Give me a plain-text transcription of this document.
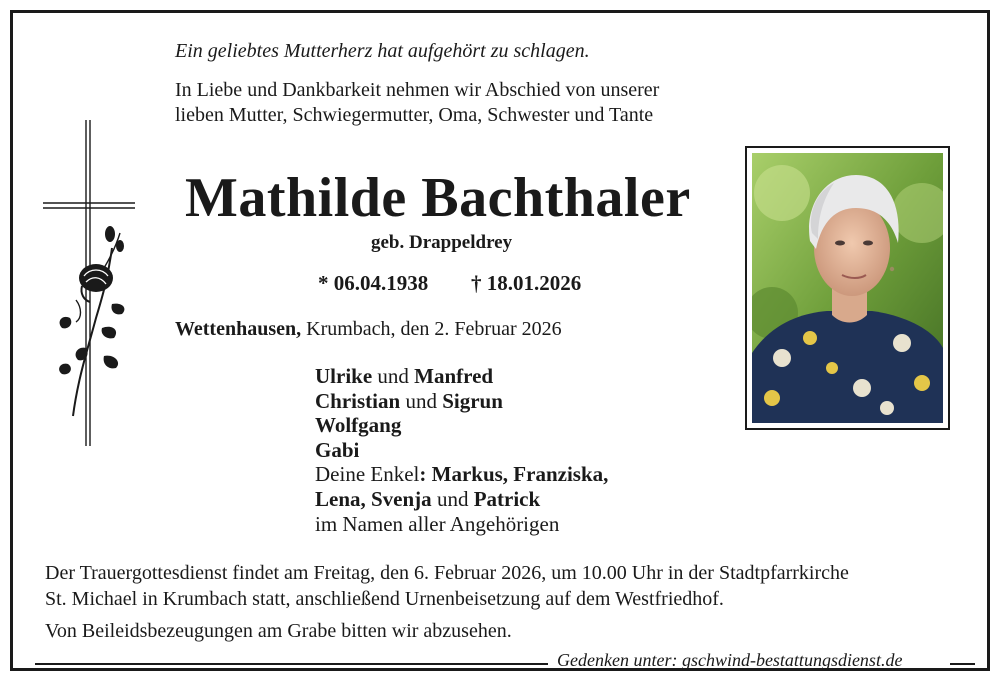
Ein geliebtes Mutterherz hat aufgehört zu schlagen.
In Liebe und Dankbarkeit nehmen wir Abschied von unserer
lieben Mutter, Schwiegermutter, Oma, Schwester und Tante
Mathilde Bachthaler
geb. Drappeldrey
* 06.04.1938 † 18.01.2026
Wettenhausen, Krumbach, den 2. Februar 2026
Ulrike und Manfred
Christian und Sigrun
Wolfgang
Gabi
Deine Enkel: Markus, Franziska,
Lena, Svenja und Patrick
im Namen aller Angehörigen
Der Trauergottesdienst findet am Freitag, den 6. Februar 2026, um 10.00 Uhr in der Stadtpfarrkirche
St. Michael in Krumbach statt, anschließend Urnenbeisetzung auf dem Westfriedhof.
Von Beileidsbezeugungen am Grabe bitten wir abzusehen.
Gedenken unter: gschwind-bestattungsdienst.de
